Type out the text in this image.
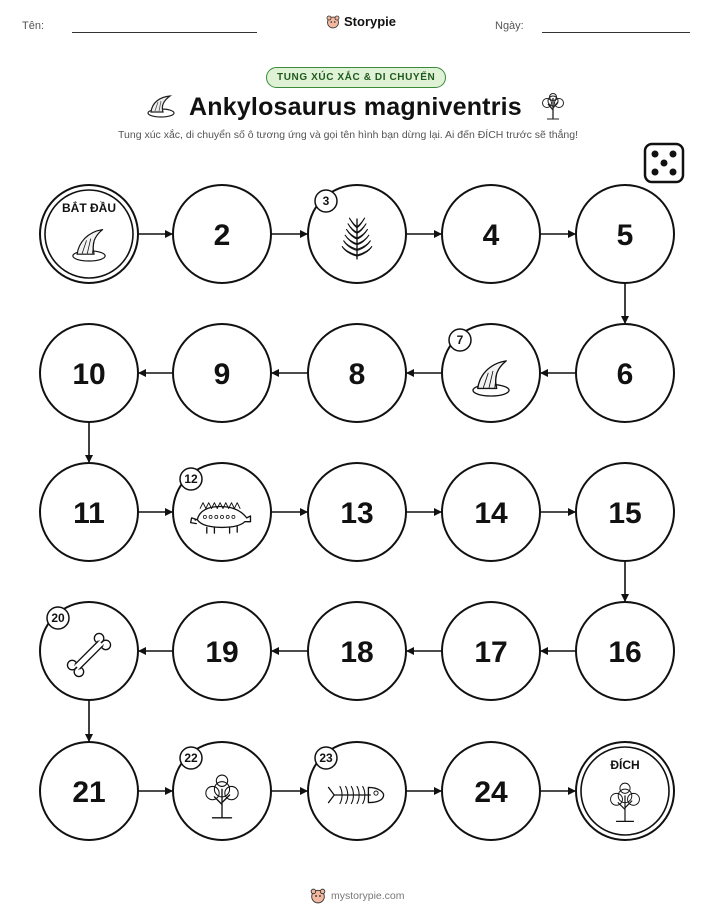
Tên:	Storypie	Ngày:
TUNG XÚC XẮC & DI CHUYỂN
Ankylosaurus magniventris
Tung xúc xắc, di chuyển số ô tương ứng và gọi tên hình bạn dừng lại. Ai đến ĐÍCH trước sẽ thắng!
BẮT ĐẦU
2
3
4	5
6
7
8
9
10
11
12
13	14	15
16
17
18
19
20
21
22	23
24
ĐÍCH
mystorypie.com
